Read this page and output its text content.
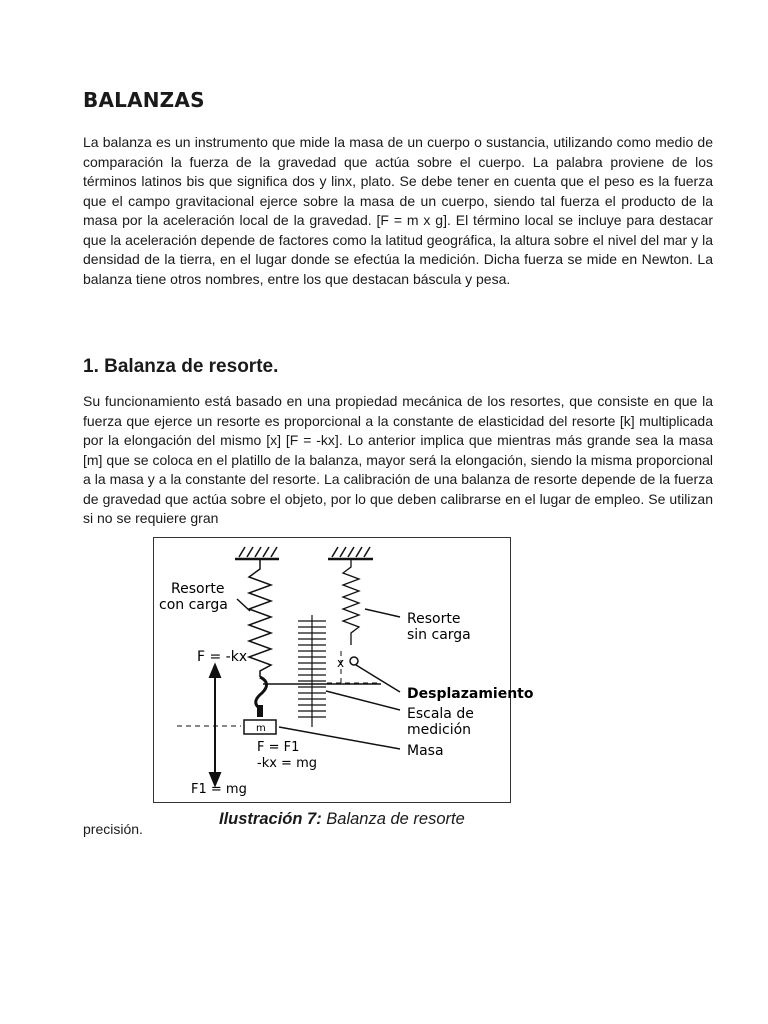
BALANZAS

La balanza es un instrumento que mide la masa de un cuerpo o sustancia, utilizando como medio de comparación la fuerza de la gravedad que actúa sobre el cuerpo. La palabra proviene de los términos latinos bis que significa dos y linx, plato. Se debe tener en cuenta que el peso es la fuerza que el campo gravitacional ejerce sobre la masa de un cuerpo, siendo tal fuerza el producto de la masa por la aceleración local de la gravedad. [F = m x g]. El término local se incluye para destacar que la aceleración depende de factores como la latitud geográfica, la altura sobre el nivel del mar y la densidad de la tierra, en el lugar donde se efectúa la medición. Dicha fuerza se mide en Newton. La balanza tiene otros nombres, entre los que destacan báscula y pesa.

1. Balanza de resorte.

Su funcionamiento está basado en una propiedad mecánica de los resortes, que consiste en que la fuerza que ejerce un resorte es proporcional a la constante de elasticidad del resorte [k] multiplicada por la elongación del mismo [x] [F = -kx]. Lo anterior implica que mientras más grande sea la masa [m] que se coloca en el platillo de la balanza, mayor será la elongación, siendo la misma proporcional a la masa y a la constante del resorte. La calibración de una balanza de resorte depende de la fuerza de gravedad que actúa sobre el objeto, por lo que deben calibrarse en el lugar de empleo. Se utilizan si no se requiere gran

Resorte
con carga
F = -kx
Resorte
sin carga
x
Desplazamiento
Escala de
medición
Masa
m
F = F1
-kx = mg
F1 = mg
Ilustración 7: Balanza de resorte
precisión.
